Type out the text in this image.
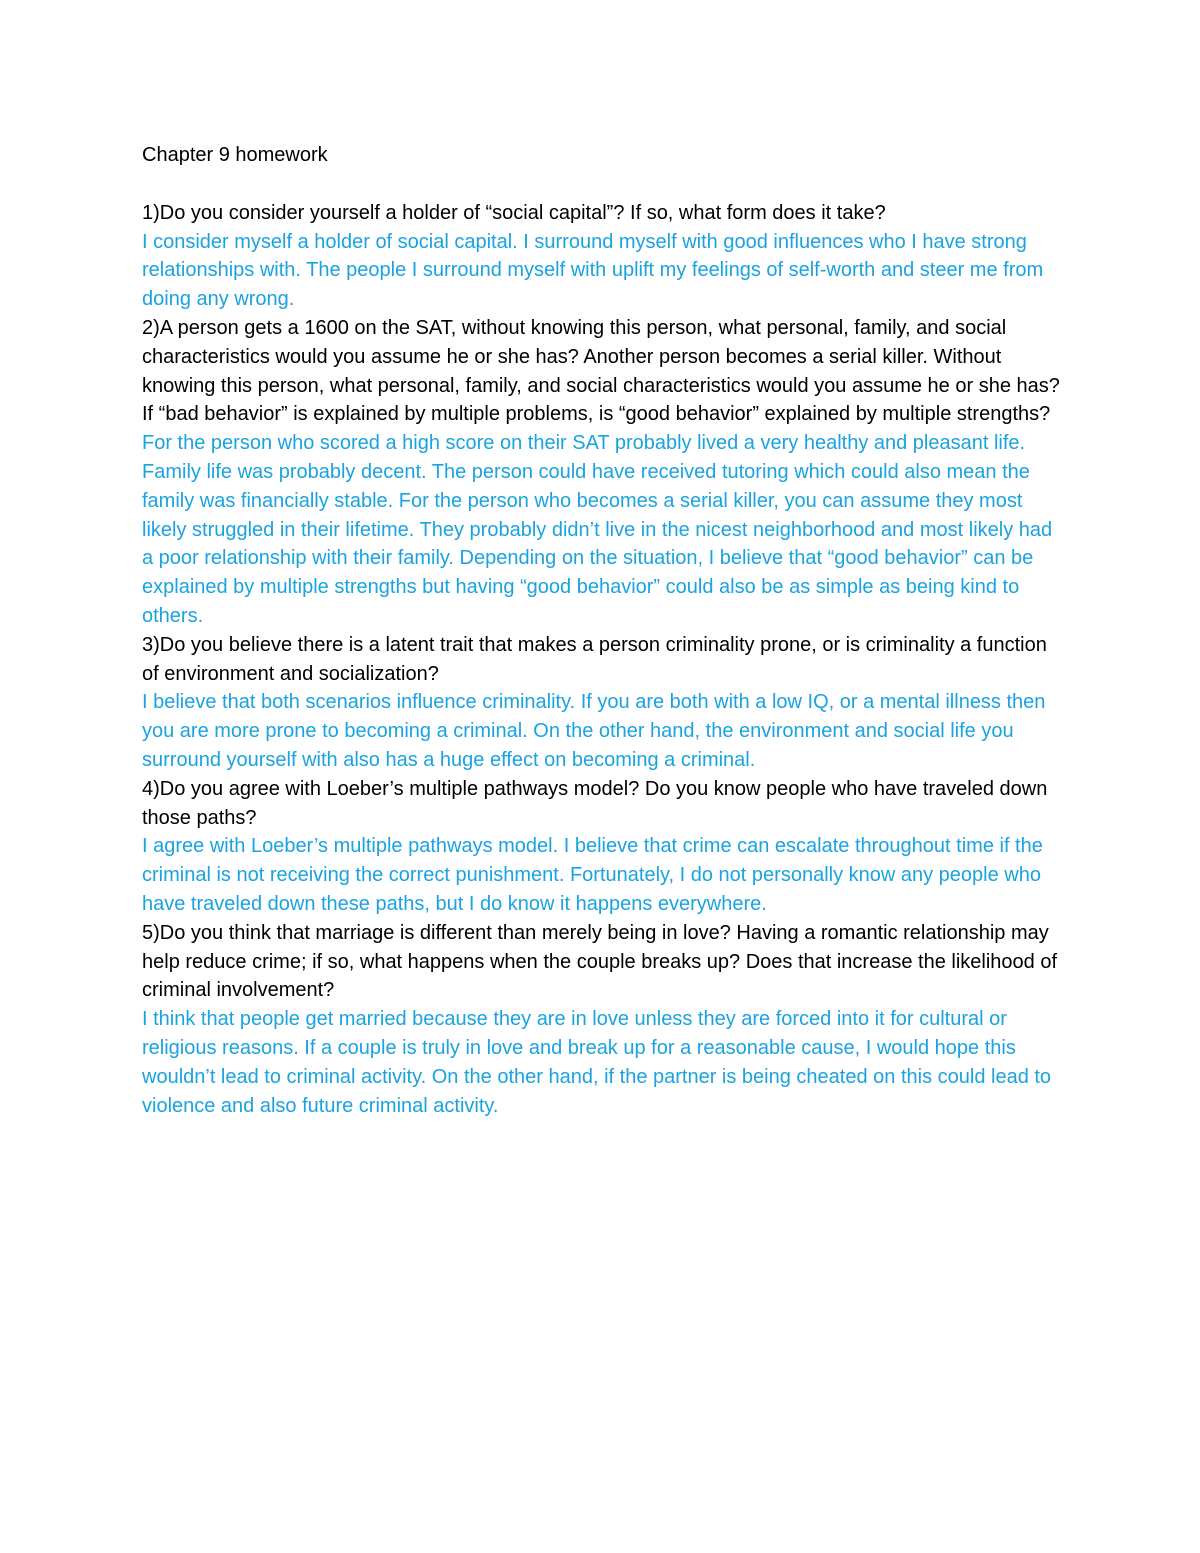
Chapter 9 homework

1)Do you consider yourself a holder of “social capital”? If so, what form does it take?

I consider myself a holder of social capital. I surround myself with good influences who I have strong relationships with. The people I surround myself with uplift my feelings of self-worth and steer me from doing any wrong.

2)A person gets a 1600 on the SAT, without knowing this person, what personal, family, and social characteristics would you assume he or she has? Another person becomes a serial killer. Without knowing this person, what personal, family, and social characteristics would you assume he or she has? If “bad behavior” is explained by multiple problems, is “good behavior” explained by multiple strengths?

For the person who scored a high score on their SAT probably lived a very healthy and pleasant life. Family life was probably decent. The person could have received tutoring which could also mean the family was financially stable. For the person who becomes a serial killer, you can assume they most likely struggled in their lifetime. They probably didn’t live in the nicest neighborhood and most likely had a poor relationship with their family. Depending on the situation, I believe that “good behavior” can be explained by multiple strengths but having “good behavior” could also be as simple as being kind to others.

3)Do you believe there is a latent trait that makes a person criminality prone, or is criminality a function of environment and socialization?

I believe that both scenarios influence criminality. If you are both with a low IQ, or a mental illness then you are more prone to becoming a criminal. On the other hand, the environment and social life you surround yourself with also has a huge effect on becoming a criminal.

4)Do you agree with Loeber’s multiple pathways model? Do you know people who have traveled down those paths?

I agree with Loeber’s multiple pathways model. I believe that crime can escalate throughout time if the criminal is not receiving the correct punishment. Fortunately, I do not personally know any people who have traveled down these paths, but I do know it happens everywhere.

5)Do you think that marriage is different than merely being in love? Having a romantic relationship may help reduce crime; if so, what happens when the couple breaks up? Does that increase the likelihood of criminal involvement?

I think that people get married because they are in love unless they are forced into it for cultural or religious reasons. If a couple is truly in love and break up for a reasonable cause, I would hope this wouldn’t lead to criminal activity. On the other hand, if the partner is being cheated on this could lead to violence and also future criminal activity.
